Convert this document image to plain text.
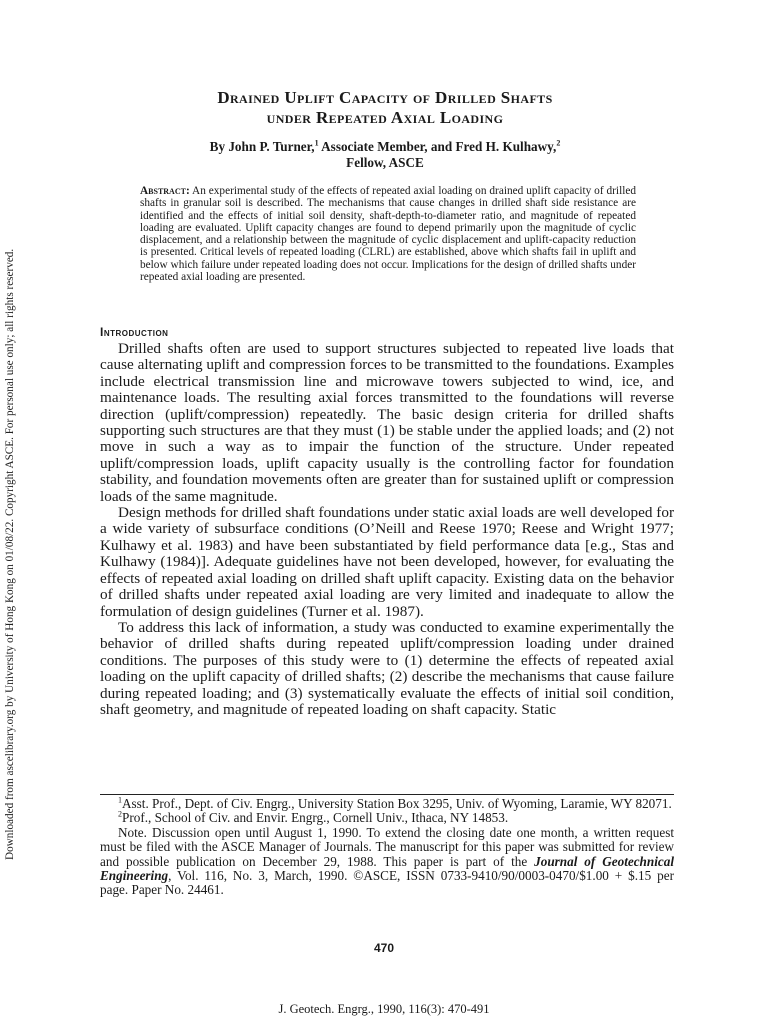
Downloaded from ascelibrary.org by University of Hong Kong on 01/08/22. Copyright ASCE. For personal use only; all rights reserved.
Drained Uplift Capacity of Drilled Shafts
under Repeated Axial Loading
By John P. Turner,$^1$ Associate Member, and Fred H. Kulhawy,$^2$
Fellow, ASCE
Abstract: An experimental study of the effects of repeated axial loading on drained uplift capacity of drilled shafts in granular soil is described. The mechanisms that cause changes in drilled shaft side resistance are identified and the effects of initial soil density, shaft-depth-to-diameter ratio, and magnitude of repeated loading are evaluated. Uplift capacity changes are found to depend primarily upon the magnitude of cyclic displacement, and a relationship between the magnitude of cyclic displacement and uplift-capacity reduction is presented. Critical levels of repeated loading (CLRL) are established, above which shafts fail in uplift and below which failure under repeated loading does not occur. Implications for the design of drilled shafts under repeated axial loading are presented.
Introduction

Drilled shafts often are used to support structures subjected to repeated live loads that cause alternating uplift and compression forces to be transmitted to the foundations. Examples include electrical transmission line and microwave towers subjected to wind, ice, and maintenance loads. The resulting axial forces transmitted to the foundations will reverse direction (uplift/compression) repeatedly. The basic design criteria for drilled shafts supporting such structures are that they must (1) be stable under the applied loads; and (2) not move in such a way as to impair the function of the structure. Under repeated uplift/compression loads, uplift capacity usually is the controlling factor for foundation stability, and foundation movements often are greater than for sustained uplift or compression loads of the same magnitude.

Design methods for drilled shaft foundations under static axial loads are well developed for a wide variety of subsurface conditions (O’Neill and Reese 1970; Reese and Wright 1977; Kulhawy et al. 1983) and have been substantiated by field performance data [e.g., Stas and Kulhawy (1984)]. Adequate guidelines have not been developed, however, for evaluating the effects of repeated axial loading on drilled shaft uplift capacity. Existing data on the behavior of drilled shafts under repeated axial loading are very limited and inadequate to allow the formulation of design guidelines (Turner et al. 1987).

To address this lack of information, a study was conducted to examine experimentally the behavior of drilled shafts during repeated uplift/compression loading under drained conditions. The purposes of this study were to (1) determine the effects of repeated axial loading on the uplift capacity of drilled shafts; (2) describe the mechanisms that cause failure during repeated loading; and (3) systematically evaluate the effects of initial soil condition, shaft geometry, and magnitude of repeated loading on shaft capacity. Static

$^1$Asst. Prof., Dept. of Civ. Engrg., University Station Box 3295, Univ. of Wyoming, Laramie, WY 82071.

$^2$Prof., School of Civ. and Envir. Engrg., Cornell Univ., Ithaca, NY 14853.

Note. Discussion open until August 1, 1990. To extend the closing date one month, a written request must be filed with the ASCE Manager of Journals. The manuscript for this paper was submitted for review and possible publication on December 29, 1988. This paper is part of the Journal of Geotechnical Engineering, Vol. 116, No. 3, March, 1990. ©ASCE, ISSN 0733-9410/90/0003-0470/$1.00 + $.15 per page. Paper No. 24461.

470
J. Geotech. Engrg., 1990, 116(3): 470-491
